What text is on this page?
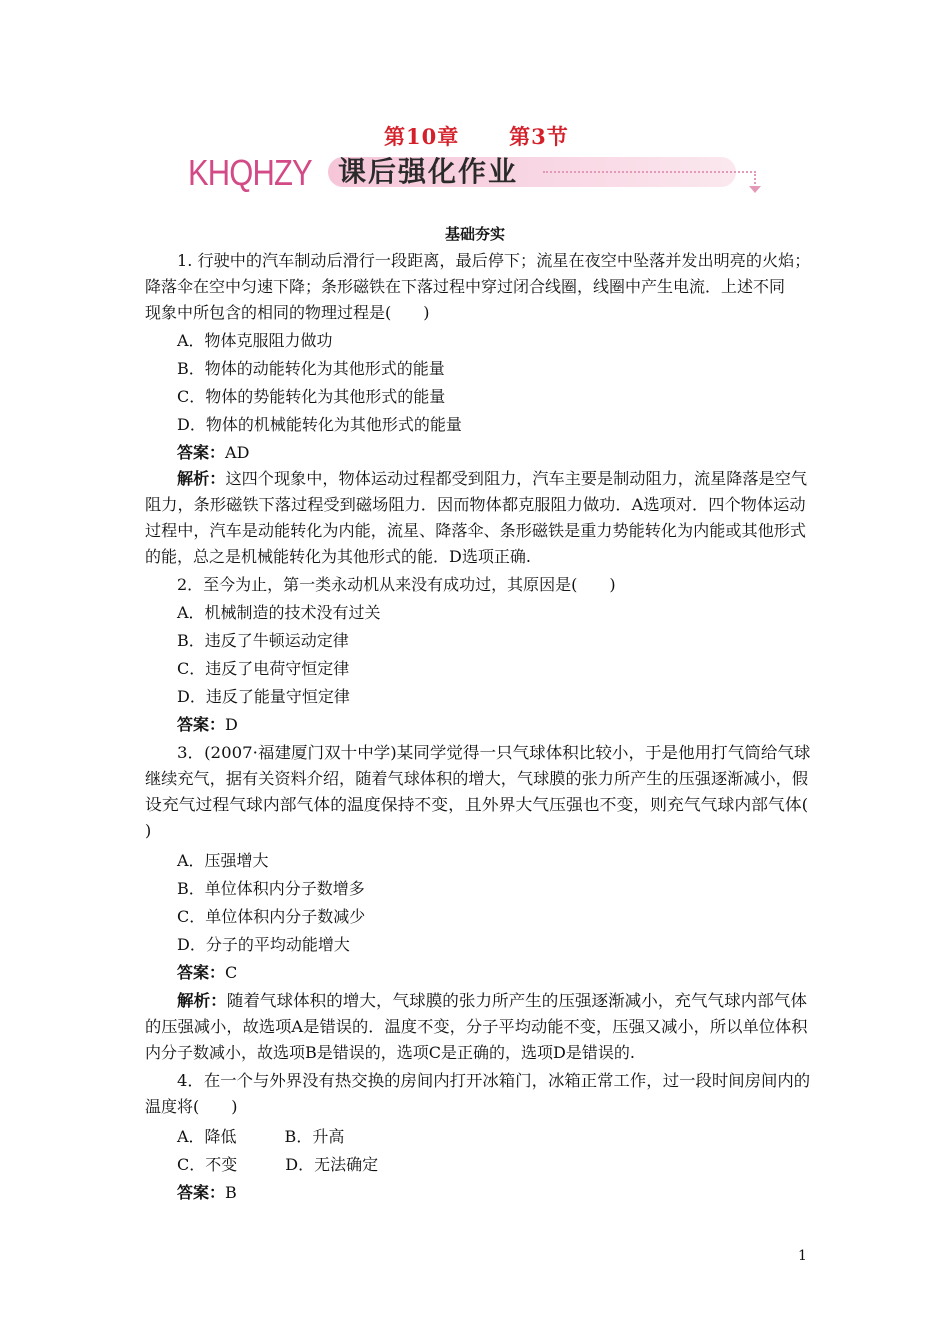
第10章      第3节
KHQHZY 课后强化作业
基础夯实
1. 行驶中的汽车制动后滑行一段距离，最后停下；流星在夜空中坠落并发出明亮的火焰；
降落伞在空中匀速下降；条形磁铁在下落过程中穿过闭合线圈，线圈中产生电流．上述不同
现象中所包含的相同的物理过程是(　　)
A．物体克服阻力做功
B．物体的动能转化为其他形式的能量
C．物体的势能转化为其他形式的能量
D．物体的机械能转化为其他形式的能量
答案：AD
解析：这四个现象中，物体运动过程都受到阻力，汽车主要是制动阻力，流星降落是空气
阻力，条形磁铁下落过程受到磁场阻力．因而物体都克服阻力做功．A选项对．四个物体运动
过程中，汽车是动能转化为内能，流星、降落伞、条形磁铁是重力势能转化为内能或其他形式
的能，总之是机械能转化为其他形式的能．D选项正确.
2．至今为止，第一类永动机从来没有成功过，其原因是(　　)
A．机械制造的技术没有过关
B．违反了牛顿运动定律
C．违反了电荷守恒定律
D．违反了能量守恒定律
答案：D
3．(2007·福建厦门双十中学)某同学觉得一只气球体积比较小，于是他用打气筒给气球
继续充气，据有关资料介绍，随着气球体积的增大，气球膜的张力所产生的压强逐渐减小，假
设充气过程气球内部气体的温度保持不变，且外界大气压强也不变，则充气气球内部气体(
)
A．压强增大
B．单位体积内分子数增多
C．单位体积内分子数减少
D．分子的平均动能增大
答案：C
解析：随着气球体积的增大，气球膜的张力所产生的压强逐渐减小，充气气球内部气体
的压强减小，故选项A是错误的．温度不变，分子平均动能不变，压强又减小，所以单位体积
内分子数减小，故选项B是错误的，选项C是正确的，选项D是错误的.
4．在一个与外界没有热交换的房间内打开冰箱门，冰箱正常工作，过一段时间房间内的
温度将(　　)
A．降低　　　B．升高
C．不变　　　D．无法确定
答案：B
1
